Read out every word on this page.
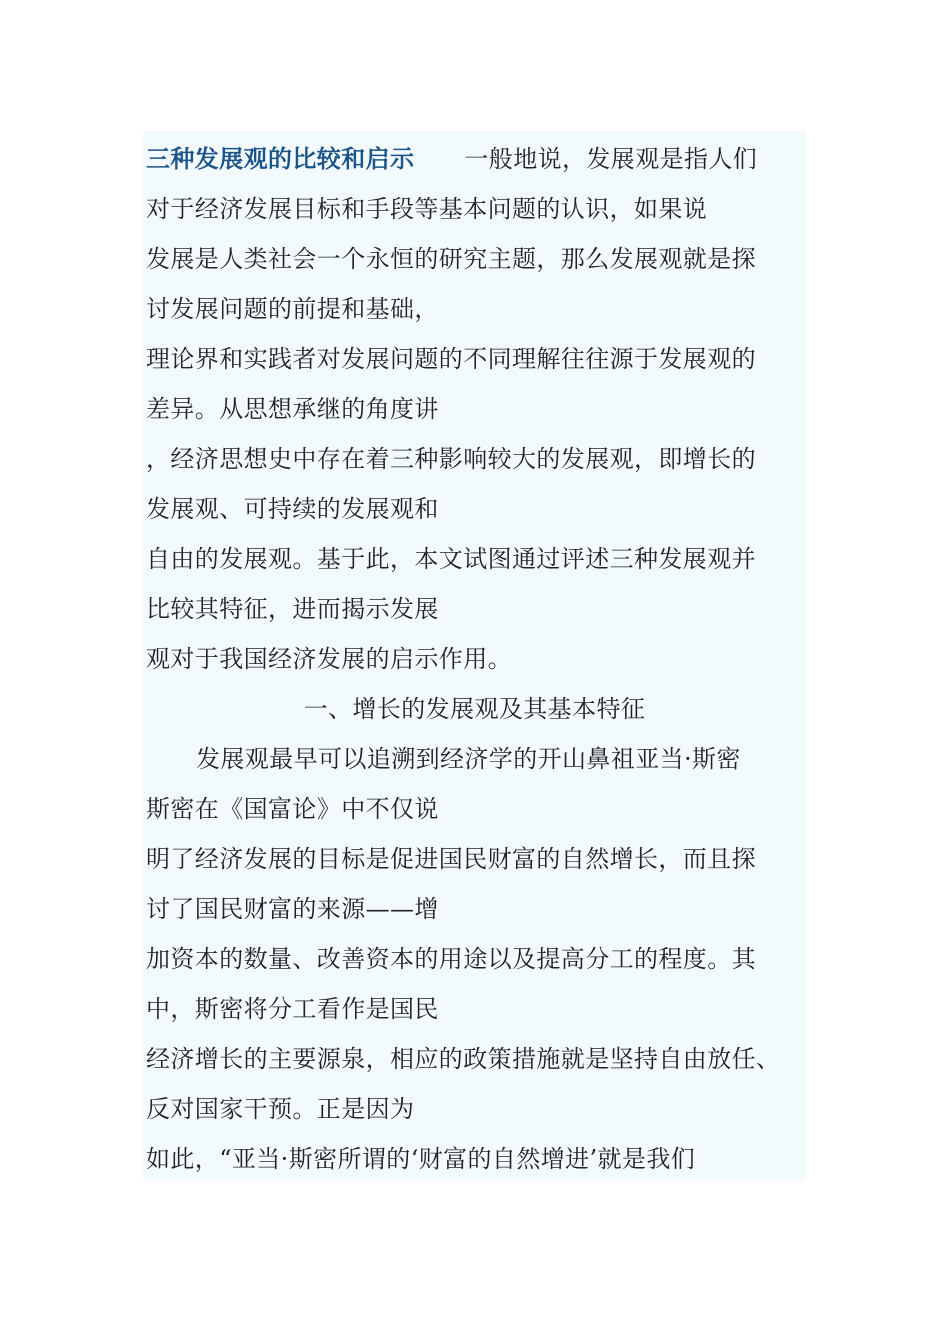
三种发展观的比较和启示 一般地说，发展观是指人们
对于经济发展目标和手段等基本问题的认识，如果说
发展是人类社会一个永恒的研究主题，那么发展观就是探
讨发展问题的前提和基础，
理论界和实践者对发展问题的不同理解往往源于发展观的
差异。从思想承继的角度讲
，经济思想史中存在着三种影响较大的发展观，即增长的
发展观、可持续的发展观和
自由的发展观。基于此，本文试图通过评述三种发展观并
比较其特征，进而揭示发展
观对于我国经济发展的启示作用。
一、增长的发展观及其基本特征
发展观最早可以追溯到经济学的开山鼻祖亚当·斯密
斯密在《国富论》中不仅说
明了经济发展的目标是促进国民财富的自然增长，而且探
讨了国民财富的来源——增
加资本的数量、改善资本的用途以及提高分工的程度。其
中，斯密将分工看作是国民
经济增长的主要源泉，相应的政策措施就是坚持自由放任、
反对国家干预。正是因为
如此，“亚当·斯密所谓的‘财富的自然增进’就是我们
